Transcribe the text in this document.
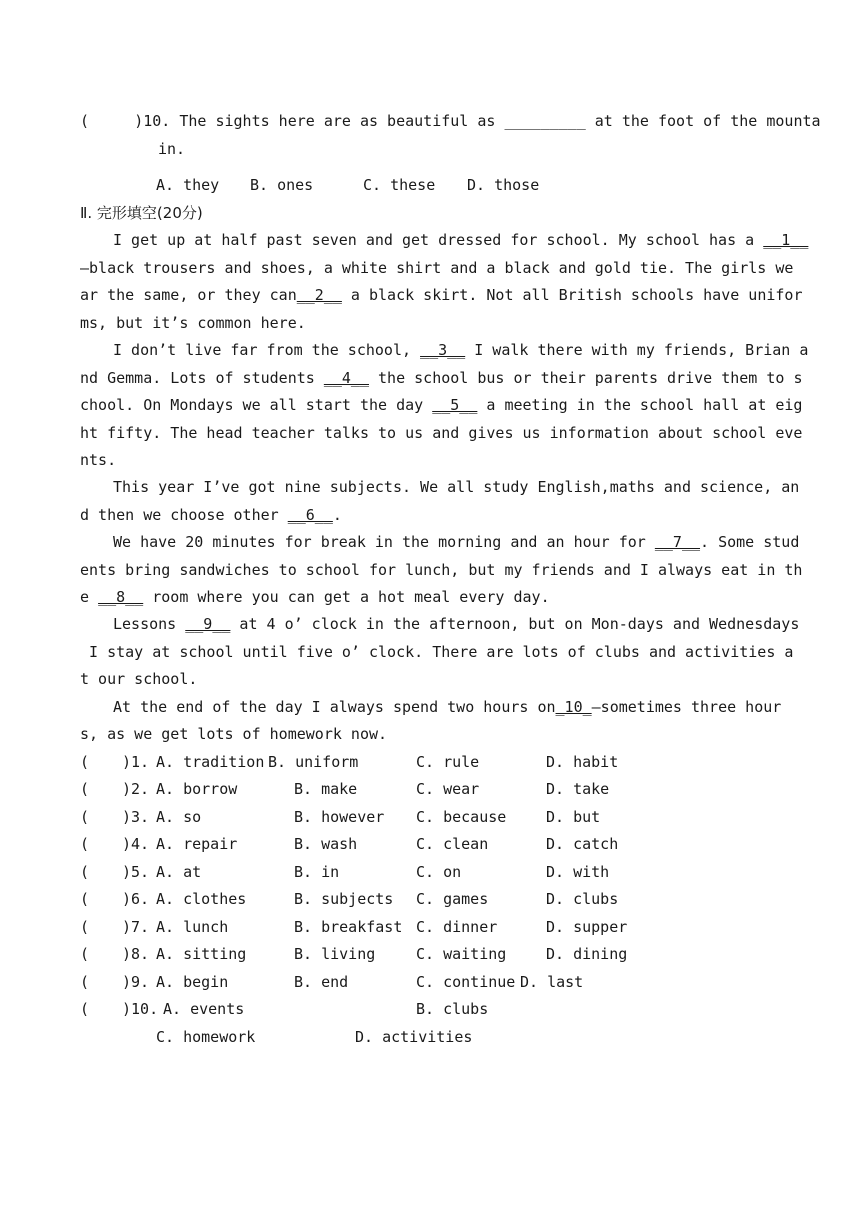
(	)10. The sights here are as beautiful as _________ at the foot of the mounta
in.
A. they B. ones	C. these D. those
Ⅱ. 完形填空(20分)
I get up at half past seven and get dressed for school. My school has a __1__
—black trousers and shoes, a white shirt and a black and gold tie. The girls we
ar the same, or they can__2__ a black skirt. Not all British schools have unifor
ms, but it’s common here.
I don’t live far from the school, __3__ I walk there with my friends, Brian a
nd Gemma. Lots of students __4__ the school bus or their parents drive them to s
chool. On Mondays we all start the day __5__ a meeting in the school hall at eig
ht fifty. The head teacher talks to us and gives us information about school eve
nts.
This year I’ve got nine subjects. We all study English,maths and science, an
d then we choose other __6__.
We have 20 minutes for break in the morning and an hour for __7__. Some stud
ents bring sandwiches to school for lunch, but my friends and I always eat in th
e __8__ room where you can get a hot meal every day.
Lessons __9__ at 4 o’ clock in the afternoon, but on Mon-days and Wednesdays
I stay at school until five o’ clock. There are lots of clubs and activities a
t our school.
At the end of the day I always spend two hours on_10_—sometimes three hour
s, as we get lots of homework now.
( )1. A. tradition B. uniform	C. rule	D. habit
( )2. A. borrow	B. make	C. wear	D. take
( )3. A. so	B. however C. because	D. but
( )4. A. repair	B. wash	C. clean	D. catch
( )5. A. at	B. in	C. on	D. with
( )6. A. clothes	B. subjects C. games	D. clubs
( )7. A. lunch	B. breakfast C. dinner	D. supper
( )8. A. sitting	B. living	C. waiting	D. dining
( )9. A. begin	B. end	C. continue D. last
( )10. A. events	B. clubs
C. homework	D. activities
